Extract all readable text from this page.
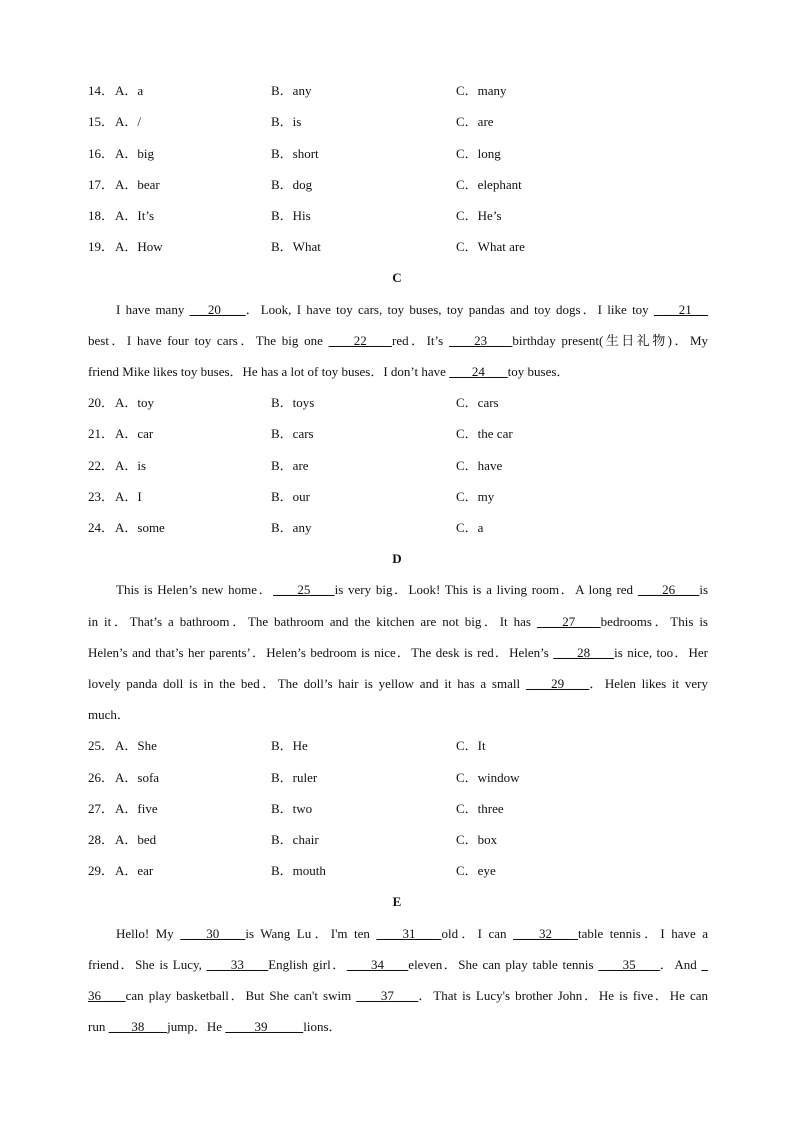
14． A．a	B．any	C．many
15． A．/	B．is	C．are
16． A．big	B．short	C．long
17． A．bear	B．dog	C．elephant
18． A．It’s	B．His	C．He’s
19． A．How	B．What	C．What are
C
I have many  __20___ ．Look, I have toy cars, toy buses, toy pandas and toy dogs．I like toy  ___21__
best．I have four toy cars．The big one  ___22___ red．It’s  ___23___ birthday present(生日礼物)．My
friend Mike likes toy buses．He has a lot of toy buses．I don’t have  ___24___ toy buses．
20． A．toy	B．toys	C．cars
21． A．car	B．cars	C．the car
22． A．is	B．are	C．have
23． A．I	B．our	C．my
24． A．some	B．any	C．a
D
This is Helen’s new home． ___25___ is very big．Look! This is a living room．A long red  ___26___ is
in it．That’s a bathroom．The bathroom and the kitchen are not big．It has  ___27___ bedrooms．This is
Helen’s and that’s her parents’．Helen’s bedroom is nice．The desk is red．Helen’s  ___28___ is nice, too．Her
lovely panda doll is in the bed．The doll’s hair is yellow and it has a small  ___29___ ．Helen likes it very
much．
25． A．She	B．He	C．It
26． A．sofa	B．ruler	C．window
27． A．five	B．two	C．three
28． A．bed	B．chair	C．box
29． A．ear	B．mouth	C．eye
E
Hello! My  ___30___ is Wang Lu．I'm ten  ___31___ old．I can  ___32___ table tennis．I have a
friend．She is Lucy,  ___33___ English girl． ___34___ eleven．She can play table tennis  ___35___ ．And _
36___ can play basketball．But She can't swim  ___37___ ．That is Lucy's brother John．He is five．He can
run  ___38___ jump．He  ____39_____ lions．
